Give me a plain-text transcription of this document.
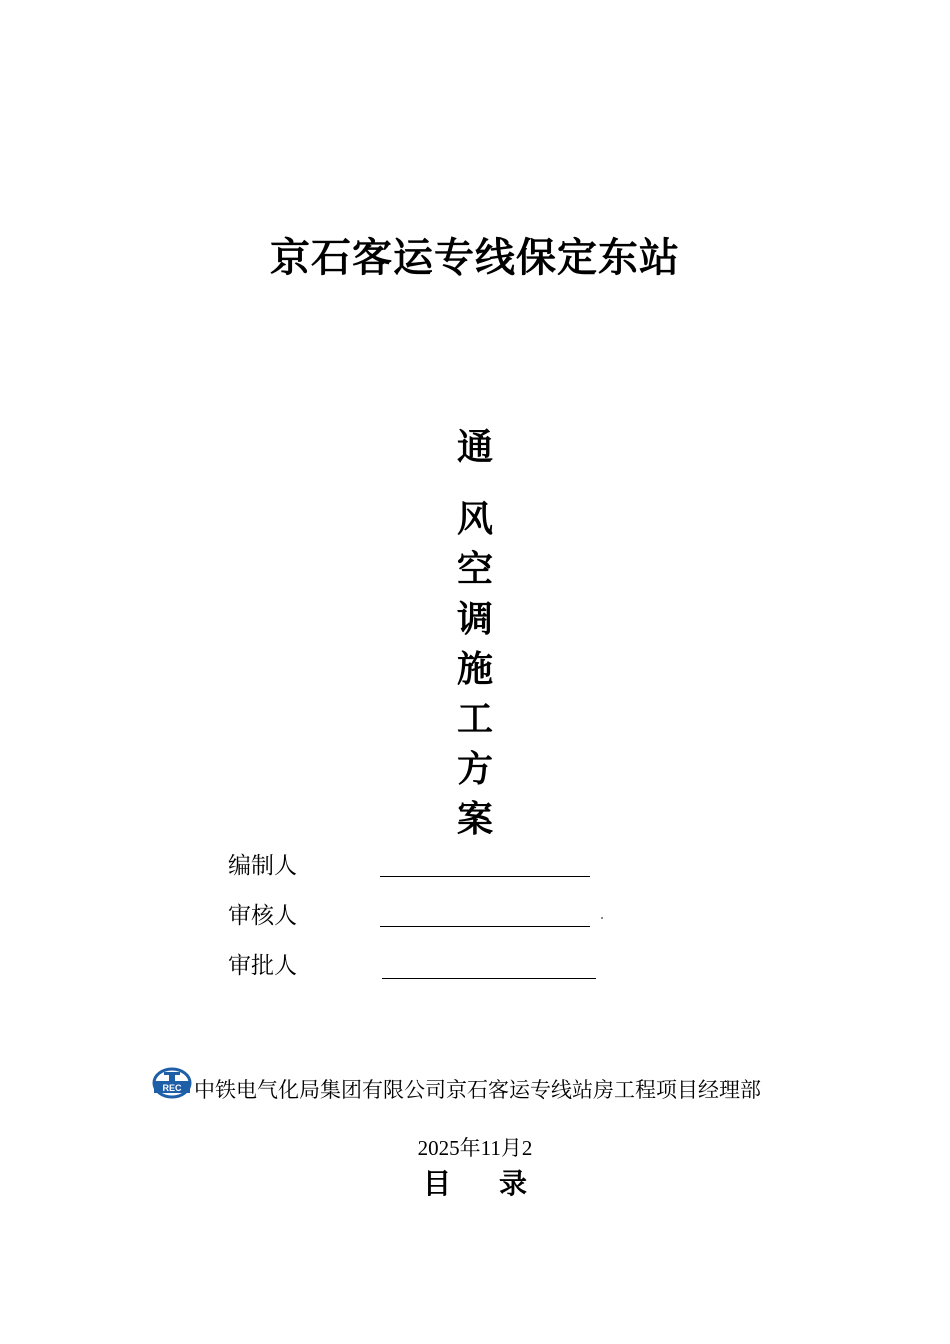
京石客运专线保定东站
通
风
空
调
施
工
方
案
编制人
审核人
审批人
REC 中铁电气化局集团有限公司京石客运专线站房工程项目经理部
2025年11月2
目 录
